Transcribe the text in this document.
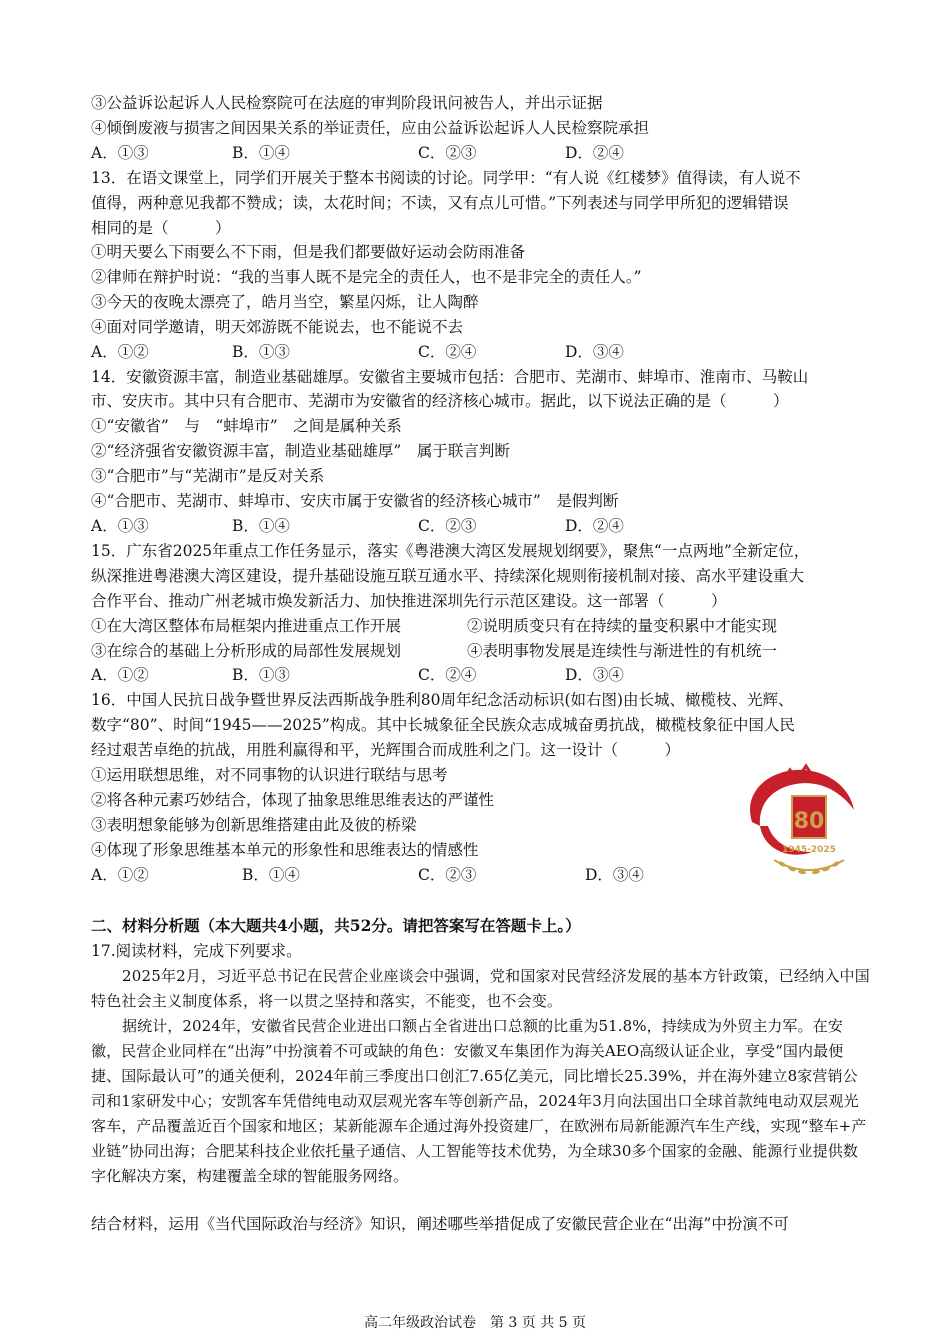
③公益诉讼起诉人人民检察院可在法庭的审判阶段讯问被告人，并出示证据
④倾倒废液与损害之间因果关系的举证责任，应由公益诉讼起诉人人民检察院承担
A．①③	B．①④	C．②③	D．②④
13．在语文课堂上，同学们开展关于整本书阅读的讨论。同学甲：“有人说《红楼梦》值得读，有人说不
值得，两种意见我都不赞成；读，太花时间；不读，又有点儿可惜。”下列表述与同学甲所犯的逻辑错误
相同的是（　　　）
①明天要么下雨要么不下雨，但是我们都要做好运动会防雨准备
②律师在辩护时说：“我的当事人既不是完全的责任人，也不是非完全的责任人。”
③今天的夜晚太漂亮了，皓月当空，繁星闪烁，让人陶醉
④面对同学邀请，明天郊游既不能说去，也不能说不去
A．①②	B．①③	C．②④	D．③④
14．安徽资源丰富，制造业基础雄厚。安徽省主要城市包括：合肥市、芜湖市、蚌埠市、淮南市、马鞍山
市、安庆市。其中只有合肥市、芜湖市为安徽省的经济核心城市。据此，以下说法正确的是（　　　）
①“安徽省”　与　“蚌埠市”　之间是属种关系
②“经济强省安徽资源丰富，制造业基础雄厚”　属于联言判断
③“合肥市”与“芜湖市”是反对关系
④“合肥市、芜湖市、蚌埠市、安庆市属于安徽省的经济核心城市”　是假判断
A．①③	B．①④	C．②③	D．②④
15．广东省2025年重点工作任务显示，落实《粤港澳大湾区发展规划纲要》，聚焦“一点两地”全新定位，
纵深推进粤港澳大湾区建设，提升基础设施互联互通水平、持续深化规则衔接机制对接、高水平建设重大
合作平台、推动广州老城市焕发新活力、加快推进深圳先行示范区建设。这一部署（　　　）
①在大湾区整体布局框架内推进重点工作开展	②说明质变只有在持续的量变积累中才能实现
③在综合的基础上分析形成的局部性发展规划	④表明事物发展是连续性与渐进性的有机统一
A．①②	B．①③	C．②④	D．③④
16．中国人民抗日战争暨世界反法西斯战争胜利80周年纪念活动标识(如右图)由长城、橄榄枝、光辉、
数字“80”、时间“1945——2025”构成。其中长城象征全民族众志成城奋勇抗战，橄榄枝象征中国人民
经过艰苦卓绝的抗战，用胜利赢得和平，光辉围合而成胜利之门。这一设计（　　　）
①运用联想思维，对不同事物的认识进行联结与思考
②将各种元素巧妙结合，体现了抽象思维思维表达的严谨性
③表明想象能够为创新思维搭建由此及彼的桥梁
④体现了形象思维基本单元的形象性和思维表达的情感性
A．①②	B．①④	C．②③	D．③④
80
1945-2025
二、材料分析题（本大题共4小题，共52分。请把答案写在答题卡上。）
17.阅读材料，完成下列要求。
2025年2月，习近平总书记在民营企业座谈会中强调，党和国家对民营经济发展的基本方针政策，已经纳入中国特色社会主义制度体系，将一以贯之坚持和落实，不能变，也不会变。
据统计，2024年，安徽省民营企业进出口额占全省进出口总额的比重为51.8%，持续成为外贸主力军。在安徽，民营企业同样在“出海”中扮演着不可或缺的角色：安徽叉车集团作为海关AEO高级认证企业，享受“国内最便捷、国际最认可”的通关便利，2024年前三季度出口创汇7.65亿美元，同比增长25.39%，并在海外建立8家营销公司和1家研发中心；安凯客车凭借纯电动双层观光客车等创新产品，2024年3月向法国出口全球首款纯电动双层观光客车，产品覆盖近百个国家和地区；某新能源车企通过海外投资建厂，在欧洲布局新能源汽车生产线，实现“整车+产业链”协同出海；合肥某科技企业依托量子通信、人工智能等技术优势，为全球30多个国家的金融、能源行业提供数字化解决方案，构建覆盖全球的智能服务网络。
结合材料，运用《当代国际政治与经济》知识，阐述哪些举措促成了安徽民营企业在“出海”中扮演不可
高二年级政治试卷　第 3 页 共 5 页
